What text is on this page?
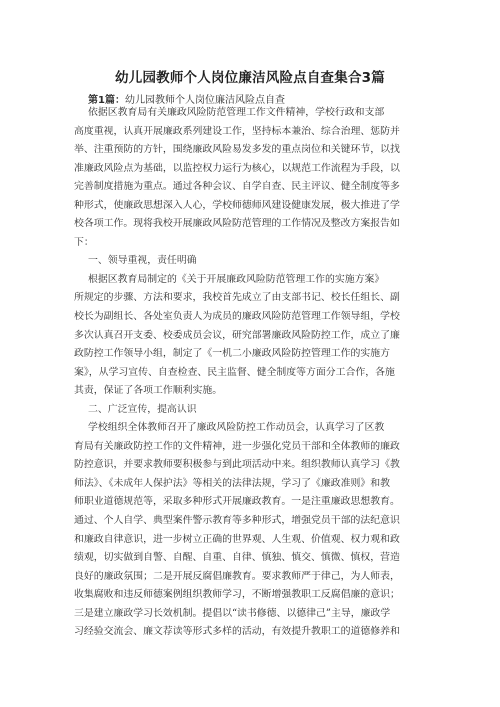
幼儿园教师个人岗位廉洁风险点自查集合3篇
第1篇：幼儿园教师个人岗位廉洁风险点自查
依据区教育局有关廉政风险防范管理工作文件精神，学校行政和支部
高度重视，认真开展廉政系列建设工作，坚持标本兼治、综合治理、惩防并
举、注重预防的方针，围绕廉政风险易发多发的重点岗位和关键环节，以找
准廉政风险点为基础，以监控权力运行为核心，以规范工作流程为手段，以
完善制度措施为重点。通过各种会议、自学自查、民主评议、健全制度等多
种形式，使廉政思想深入人心，学校师德师风建设健康发展，极大推进了学
校各项工作。现将我校开展廉政风险防范管理的工作情况及整改方案报告如
下：
一、领导重视，责任明确
根据区教育局制定的《关于开展廉政风险防范管理工作的实施方案》
所规定的步骤、方法和要求，我校首先成立了由支部书记、校长任组长、副
校长为副组长、各处室负责人为成员的廉政风险防范管理工作领导组，学校
多次认真召开支委、校委成员会议，研究部署廉政风险防控工作，成立了廉
政防控工作领导小组，制定了《一机二小廉政风险防控管理工作的实施方
案》，从学习宣传、自查检查、民主监督、健全制度等方面分工合作，各施
其责，保证了各项工作顺利实施。
二、广泛宣传，提高认识
学校组织全体教师召开了廉政风险防控工作动员会，认真学习了区教
育局有关廉政防控工作的文件精神，进一步强化党员干部和全体教师的廉政
防控意识，并要求教师要积极参与到此项活动中来。组织教师认真学习《教
师法》、《未成年人保护法》等相关的法律法规，学习了《廉政准则》和教
师职业道德规范等，采取多种形式开展廉政教育。一是注重廉政思想教育。
通过、个人自学、典型案件警示教育等多种形式，增强党员干部的法纪意识
和廉政自律意识，进一步树立正确的世界观、人生观、价值观、权力观和政
绩观，切实做到自警、自醒、自重、自律、慎独、慎交、慎微、慎权，营造
良好的廉政氛围；二是开展反腐倡廉教育。要求教师严于律己，为人师表，
收集腐败和违反师德案例组织教师学习，不断增强教职工反腐倡廉的意识；
三是建立廉政学习长效机制。提倡以“读书修德、以德律己”主导，廉政学
习经验交流会、廉文荐读等形式多样的活动，有效提升教职工的道德修养和
